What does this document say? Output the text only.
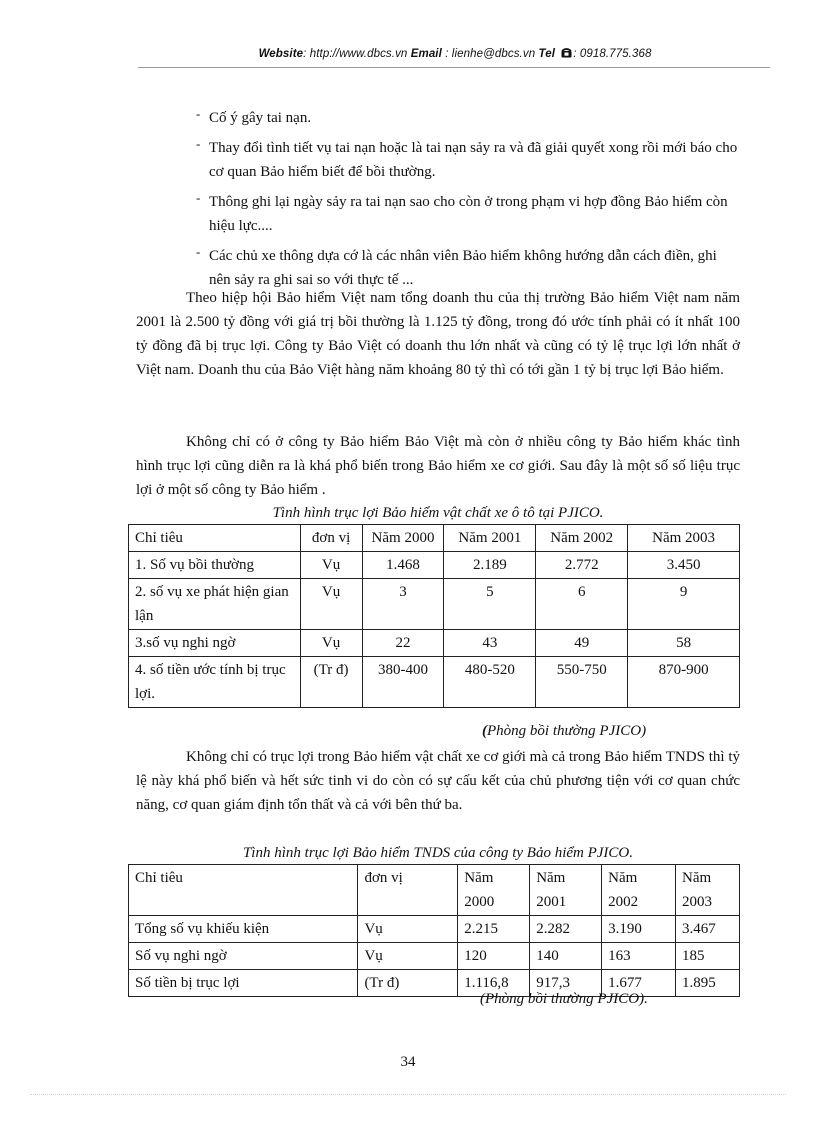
Website: http://www.dbcs.vn Email : lienhe@dbcs.vn Tel : 0918.775.368
- Cố ý gây tai nạn.
- Thay đổi tình tiết vụ tai nạn hoặc là tai nạn sảy ra và đã giải quyết xong rồi mới báo cho cơ quan Bảo hiểm biết để bồi thường.
- Thông ghi lại ngày sảy ra tai nạn sao cho còn ở trong phạm vi hợp đồng Bảo hiểm còn hiệu lực....
- Các chủ xe thông dựa cớ là các nhân viên Bảo hiểm không hướng dẫn cách điền, ghi nên sảy ra ghi sai so với thực tế ...

Theo hiệp hội Bảo hiểm Việt nam tổng doanh thu của thị trường Bảo hiểm Việt nam năm 2001 là 2.500 tỷ đồng với giá trị bồi thường là 1.125 tỷ đồng, trong đó ước tính phải có ít nhất 100 tỷ đồng đã bị trục lợi. Công ty Bảo Việt có doanh thu lớn nhất và cũng có tỷ lệ trục lợi lớn nhất ở Việt nam. Doanh thu của Bảo Việt hàng năm khoảng 80 tỷ thì có tới gần 1 tỷ bị trục lợi Bảo hiểm.

Không chỉ có ở công ty Bảo hiểm Bảo Việt mà còn ở nhiều công ty Bảo hiểm khác tình hình trục lợi cũng diễn ra là khá phổ biến trong Bảo hiểm xe cơ giới. Sau đây là một số số liệu trục lợi ở một số công ty Bảo hiểm .

Tình hình trục lợi Bảo hiểm vật chất xe ô tô tại PJICO.
Chỉ tiêu	đơn vị	Năm 2000	Năm 2001	Năm 2002	Năm 2003
1. Số vụ bồi thường	Vụ	1.468	2.189	2.772	3.450
2. số vụ xe phát hiện gian lận	Vụ	3	5	6	9
3.số vụ nghi ngờ	Vụ	22	43	49	58
4. số tiền ước tính bị trục lợi.	(Tr đ)	380-400	480-520	550-750	870-900
(Phòng bồi thường PJICO)

Không chỉ có trục lợi trong Bảo hiểm vật chất xe cơ giới mà cả trong Bảo hiểm TNDS thì tỷ lệ này khá phổ biến và hết sức tinh vi do còn có sự cấu kết của chủ phương tiện với cơ quan chức năng, cơ quan giám định tổn thất và cả với bên thứ ba.

Tình hình trục lợi Bảo hiểm TNDS của công ty Bảo hiểm PJICO.
Chỉ tiêu	đơn vị	Năm 2000	Năm 2001	Năm 2002	Năm 2003
Tổng số vụ khiếu kiện	Vụ	2.215	2.282	3.190	3.467
Số vụ nghi ngờ	Vụ	120	140	163	185
Số tiền bị trục lợi	(Tr đ)	1.116,8	917,3	1.677	1.895
(Phòng bồi thường PJICO).
34
